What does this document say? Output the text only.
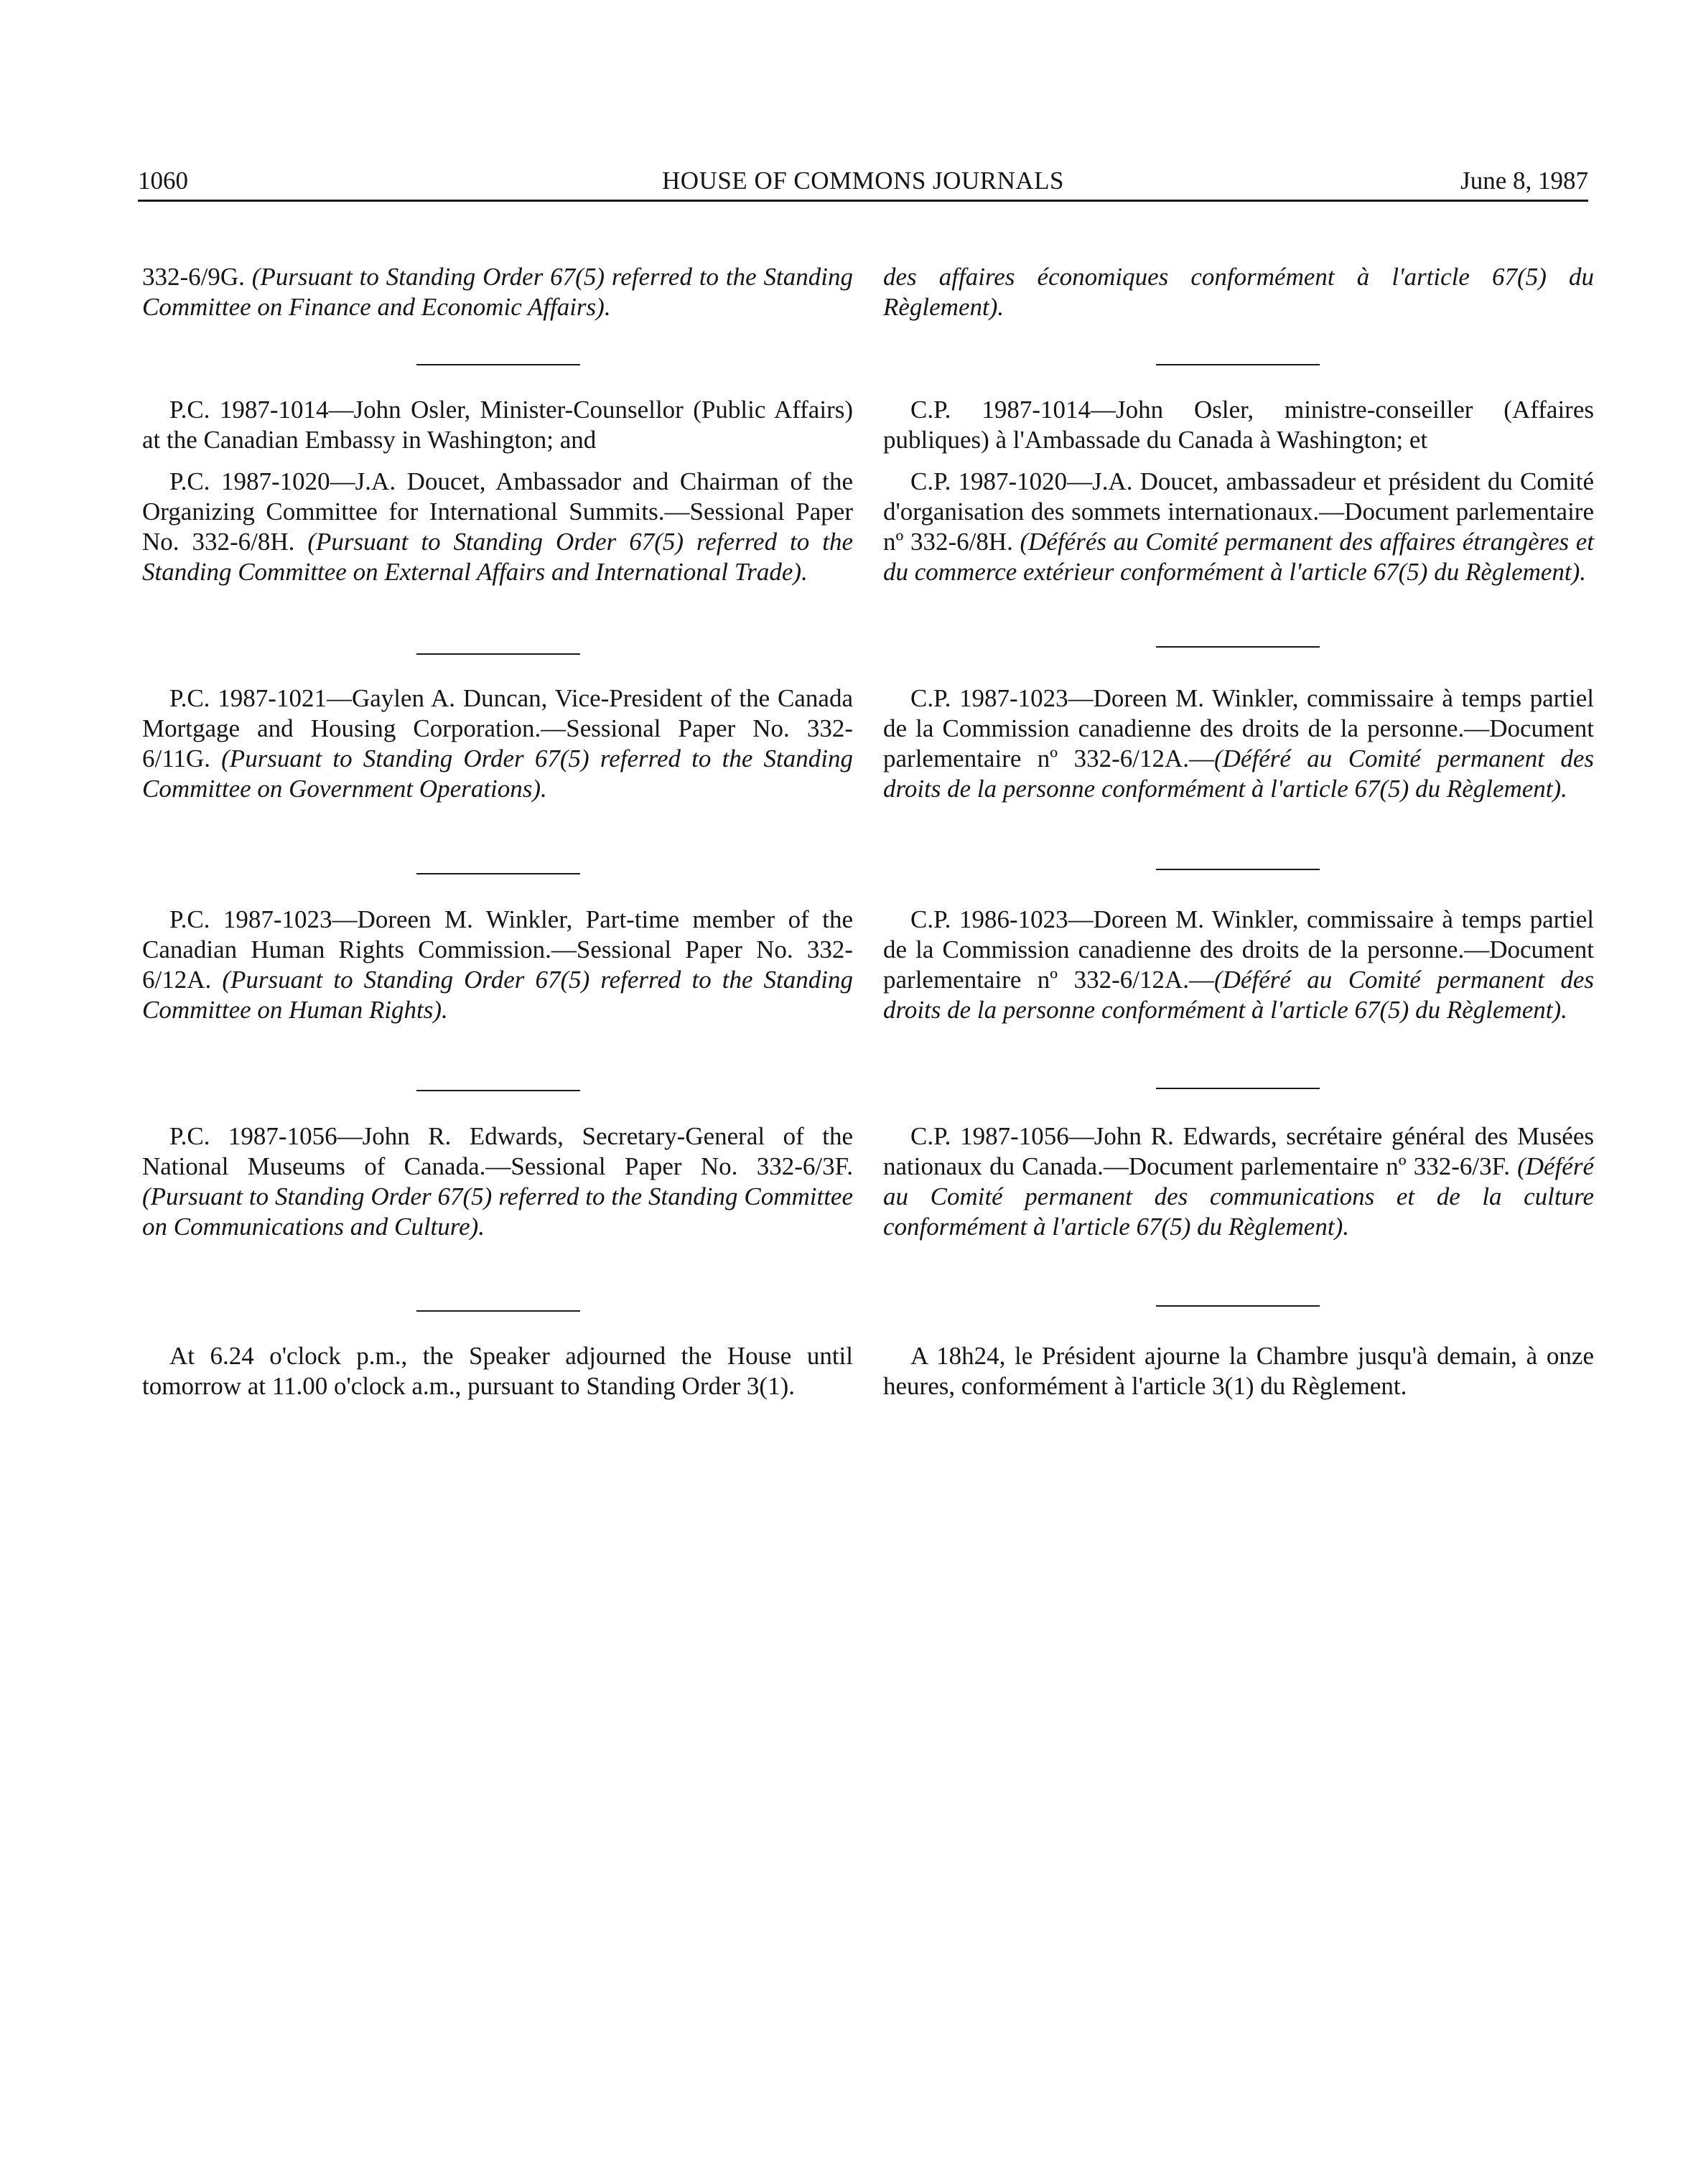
1060	HOUSE OF COMMONS JOURNALS	June 8, 1987

332-6/9G. (Pursuant to Standing Order 67(5) referred to the Standing Committee on Finance and Economic Affairs).

P.C. 1987-1014—John Osler, Minister-Counsellor (Public Affairs) at the Canadian Embassy in Washington; and

P.C. 1987-1020—J.A. Doucet, Ambassador and Chairman of the Organizing Committee for International Summits.—Sessional Paper No. 332-6/8H. (Pursuant to Standing Order 67(5) referred to the Standing Committee on External Affairs and International Trade).

P.C. 1987-1021—Gaylen A. Duncan, Vice-President of the Canada Mortgage and Housing Corporation.—Sessional Paper No. 332-6/11G. (Pursuant to Standing Order 67(5) referred to the Standing Committee on Government Operations).

P.C. 1987-1023—Doreen M. Winkler, Part-time member of the Canadian Human Rights Commission.—Sessional Paper No. 332-6/12A. (Pursuant to Standing Order 67(5) referred to the Standing Committee on Human Rights).

P.C. 1987-1056—John R. Edwards, Secretary-General of the National Museums of Canada.—Sessional Paper No. 332-6/3F. (Pursuant to Standing Order 67(5) referred to the Standing Committee on Communications and Culture).

At 6.24 o'clock p.m., the Speaker adjourned the House until tomorrow at 11.00 o'clock a.m., pursuant to Standing Order 3(1).

des affaires économiques conformément à l'article 67(5) du Règlement).

C.P. 1987-1014—John Osler, ministre-conseiller (Affaires publiques) à l'Ambassade du Canada à Washington; et

C.P. 1987-1020—J.A. Doucet, ambassadeur et président du Comité d'organisation des sommets internationaux.—Document parlementaire nº 332-6/8H. (Déférés au Comité permanent des affaires étrangères et du commerce extérieur conformément à l'article 67(5) du Règlement).

C.P. 1987-1023—Doreen M. Winkler, commissaire à temps partiel de la Commission canadienne des droits de la personne.—Document parlementaire nº 332-6/12A.—(Déféré au Comité permanent des droits de la personne conformément à l'article 67(5) du Règlement).

C.P. 1986-1023—Doreen M. Winkler, commissaire à temps partiel de la Commission canadienne des droits de la personne.—Document parlementaire nº 332-6/12A.—(Déféré au Comité permanent des droits de la personne conformément à l'article 67(5) du Règlement).

C.P. 1987-1056—John R. Edwards, secrétaire général des Musées nationaux du Canada.—Document parlementaire nº 332-6/3F. (Déféré au Comité permanent des communications et de la culture conformément à l'article 67(5) du Règlement).

A 18h24, le Président ajourne la Chambre jusqu'à demain, à onze heures, conformément à l'article 3(1) du Règlement.
